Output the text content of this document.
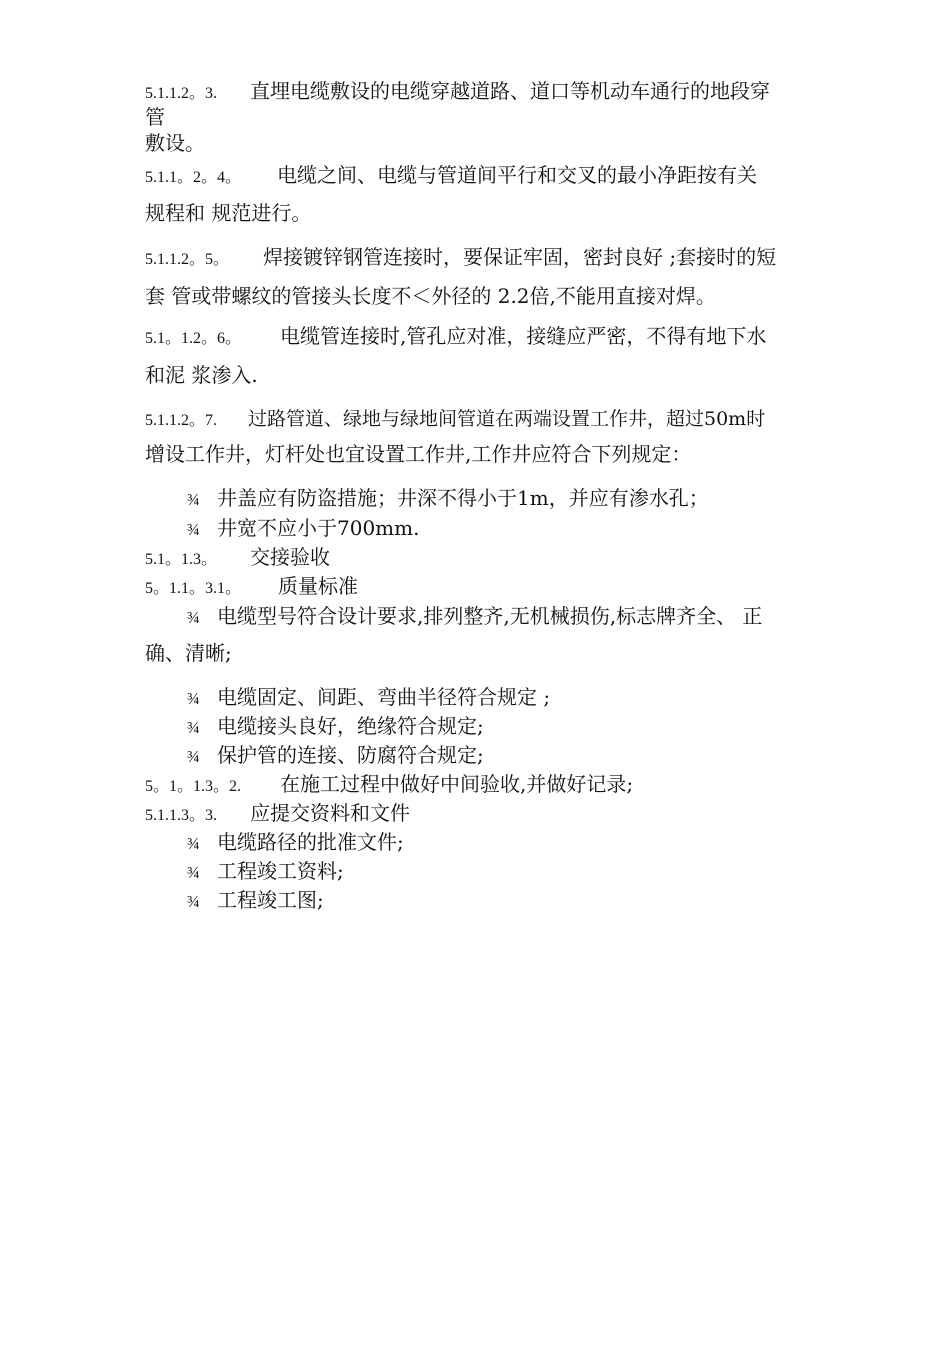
5.1.1.2。3. 直埋电缆敷设的电缆穿越道路、道口等机动车通行的地段穿
管
敷设。
5.1.1。2。4。 电缆之间、电缆与管道间平行和交叉的最小净距按有关
规程和 规范进行。
5.1.1.2。5。 焊接镀锌钢管连接时，要保证牢固，密封良好 ;套接时的短
套 管或带螺纹的管接头长度不＜外径的 2.2倍,不能用直接对焊。
5.1。1.2。6。 电缆管连接时,管孔应对准，接缝应严密，不得有地下水
和泥 浆渗入.
5.1.1.2。7. 过路管道、绿地与绿地间管道在两端设置工作井，超过50m时
增设工作井，灯杆处也宜设置工作井,工作井应符合下列规定：
¾ 井盖应有防盗措施；井深不得小于1m，并应有渗水孔；
¾ 井宽不应小于700mm.
5.1。1.3。 交接验收
5。1.1。3.1。 质量标准
¾ 电缆型号符合设计要求,排列整齐,无机械损伤,标志牌齐全、 正
确、清晰;
¾ 电缆固定、间距、弯曲半径符合规定 ;
¾ 电缆接头良好，绝缘符合规定;
¾ 保护管的连接、防腐符合规定;
5。1。1.3。2. 在施工过程中做好中间验收,并做好记录;
5.1.1.3。3. 应提交资料和文件
¾ 电缆路径的批准文件;
¾ 工程竣工资料;
¾ 工程竣工图;
